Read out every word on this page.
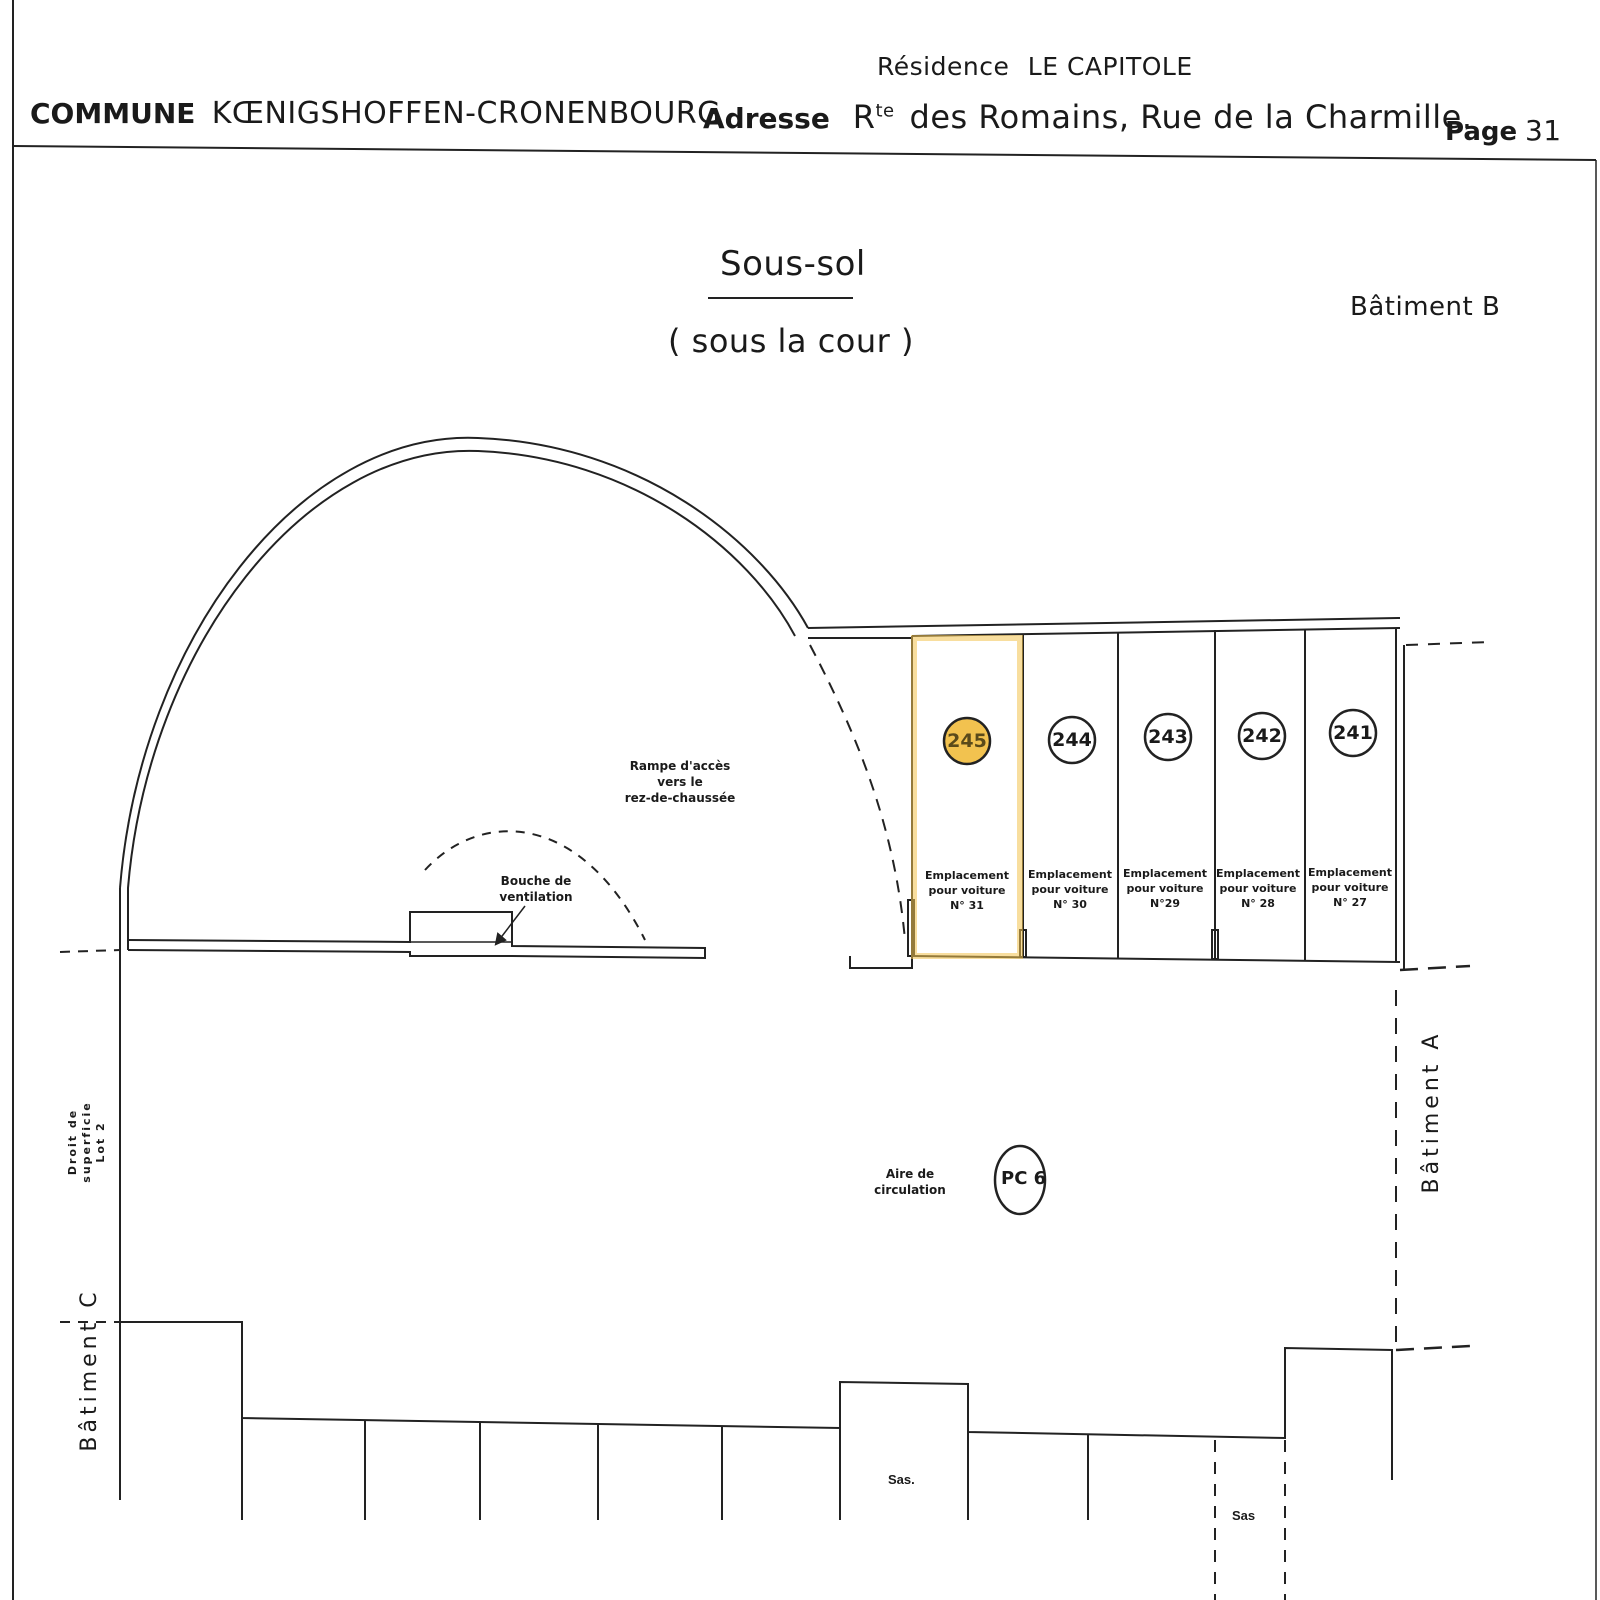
Résidence LE CAPITOLE
COMMUNE KŒNIGSHOFFEN-CRONENBOURG
Adresse $R^{te}$ des Romains, Rue de la Charmille.
Page 31
Sous-sol
( sous la cour )
Bâtiment B
Rampe d'accès
vers le
rez-de-chaussée
Bouche de
ventilation
Aire de
circulation
PC 6
Sas.
Sas
Bâtiment A
Bâtiment C
Droit de superficie Lot 2
245
Emplacement
pour voiture
N° 31
244
Emplacement
pour voiture
N° 30
243
Emplacement
pour voiture
N°29
242
Emplacement
pour voiture
N° 28
241
Emplacement
pour voiture
N° 27
